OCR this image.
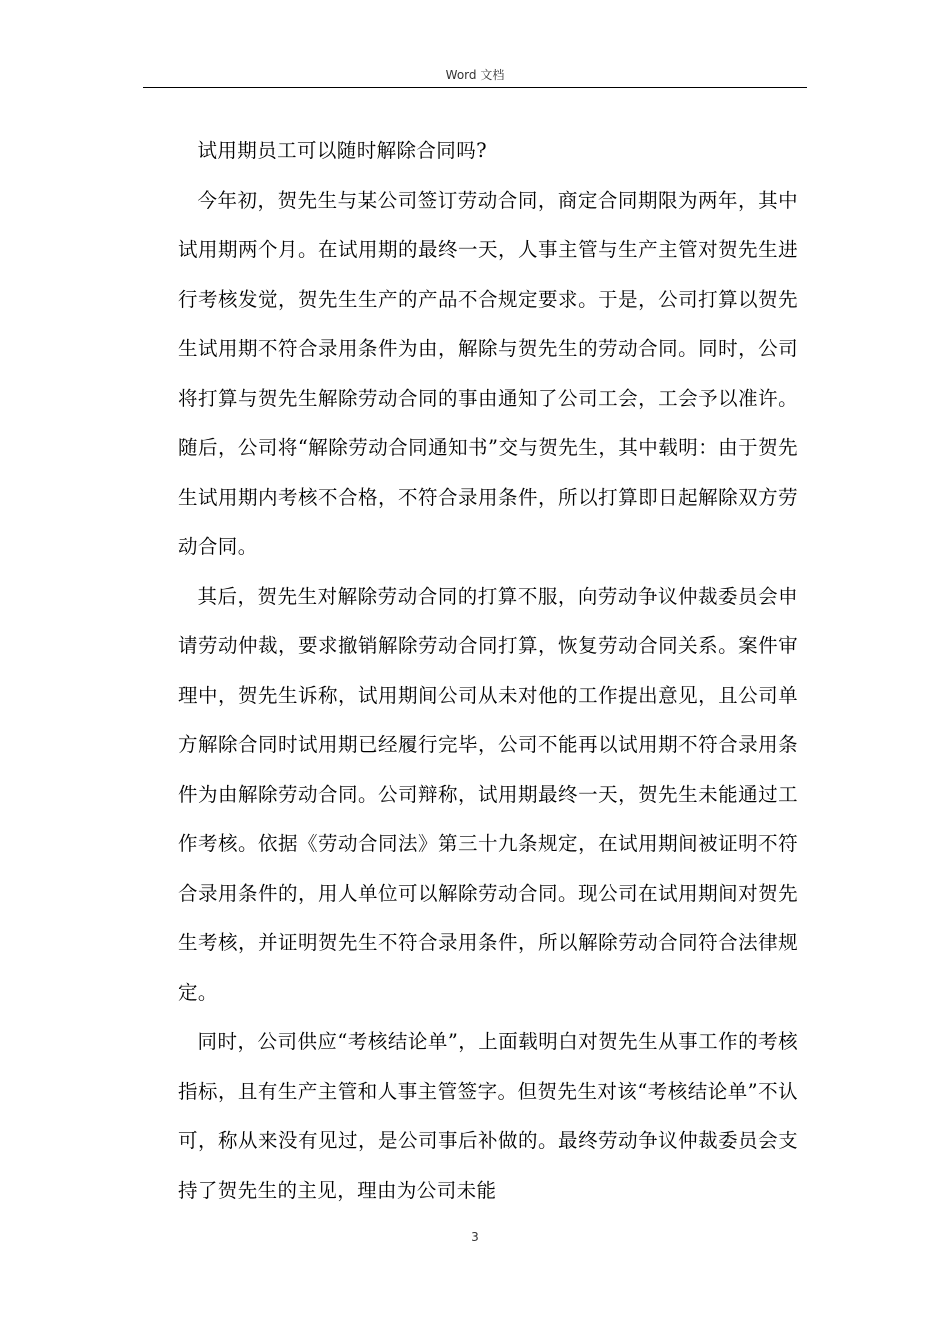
Word 文档

试用期员工可以随时解除合同吗?

今年初，贺先生与某公司签订劳动合同，商定合同期限为两年，其中试用期两个月。在试用期的最终一天，人事主管与生产主管对贺先生进行考核发觉，贺先生生产的产品不合规定要求。于是，公司打算以贺先生试用期不符合录用条件为由，解除与贺先生的劳动合同。同时，公司将打算与贺先生解除劳动合同的事由通知了公司工会，工会予以准许。随后，公司将“解除劳动合同通知书”交与贺先生，其中载明：由于贺先生试用期内考核不合格，不符合录用条件，所以打算即日起解除双方劳动合同。

其后，贺先生对解除劳动合同的打算不服，向劳动争议仲裁委员会申请劳动仲裁，要求撤销解除劳动合同打算，恢复劳动合同关系。案件审理中，贺先生诉称，试用期间公司从未对他的工作提出意见，且公司单方解除合同时试用期已经履行完毕，公司不能再以试用期不符合录用条件为由解除劳动合同。公司辩称，试用期最终一天，贺先生未能通过工作考核。依据《劳动合同法》第三十九条规定，在试用期间被证明不符合录用条件的，用人单位可以解除劳动合同。现公司在试用期间对贺先生考核，并证明贺先生不符合录用条件，所以解除劳动合同符合法律规定。

同时，公司供应“考核结论单”，上面载明白对贺先生从事工作的考核指标，且有生产主管和人事主管签字。但贺先生对该“考核结论单”不认可，称从来没有见过，是公司事后补做的。最终劳动争议仲裁委员会支持了贺先生的主见，理由为公司未能

3
